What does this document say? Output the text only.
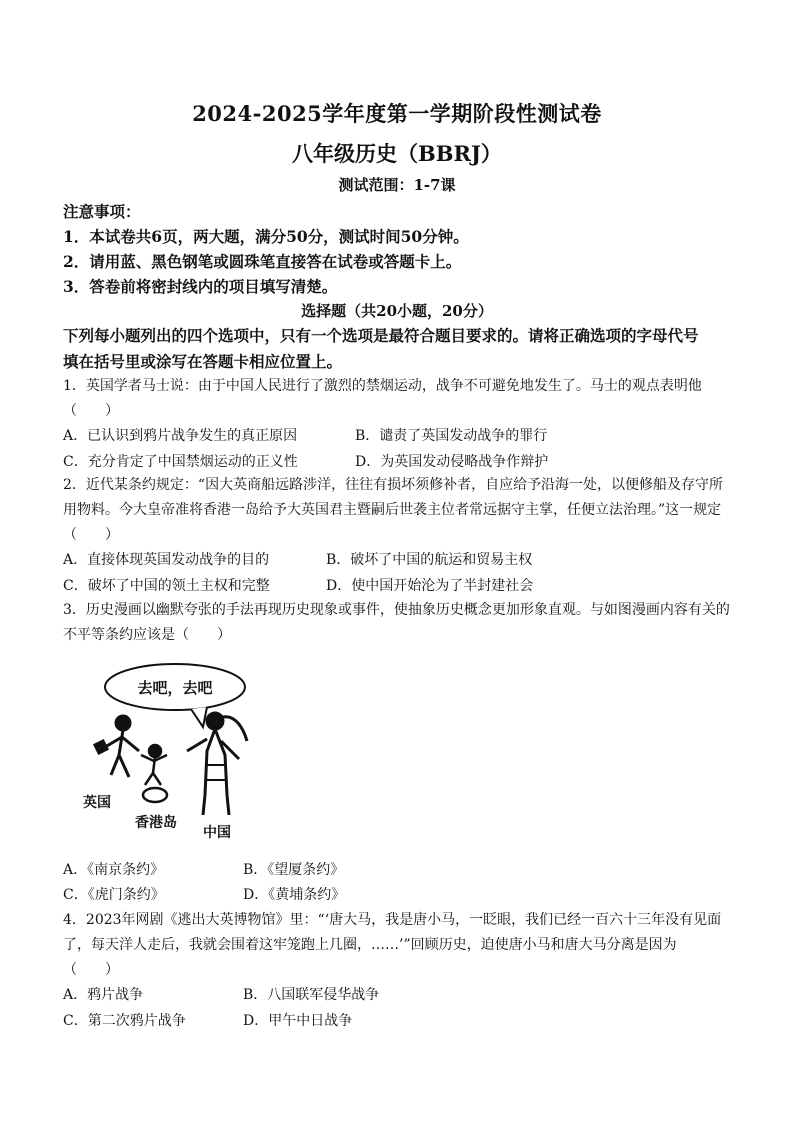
2024-2025学年度第一学期阶段性测试卷
八年级历史（BBRJ）
测试范围：1-7课
注意事项：
1．本试卷共6页，两大题，满分50分，测试时间50分钟。
2．请用蓝、黑色钢笔或圆珠笔直接答在试卷或答题卡上。
3．答卷前将密封线内的项目填写清楚。
选择题（共20小题，20分）
下列每小题列出的四个选项中，只有一个选项是最符合题目要求的。请将正确选项的字母代号
填在括号里或涂写在答题卡相应位置上。
1．英国学者马士说：由于中国人民进行了激烈的禁烟运动，战争不可避免地发生了。马士的观点表明他
（　　）
A．已认识到鸦片战争发生的真正原因	B．谴责了英国发动战争的罪行
C．充分肯定了中国禁烟运动的正义性	D．为英国发动侵略战争作辩护
2．近代某条约规定：“因大英商船远路涉洋，往往有损坏须修补者，自应给予沿海一处，以便修船及存守所
用物料。今大皇帝准将香港一岛给予大英国君主暨嗣后世袭主位者常远据守主掌，任便立法治理。”这一规定
（　　）
A．直接体现英国发动战争的目的	B．破坏了中国的航运和贸易主权
C．破坏了中国的领土主权和完整	D．使中国开始沦为了半封建社会
3．历史漫画以幽默夸张的手法再现历史现象或事件，使抽象历史概念更加形象直观。与如图漫画内容有关的
不平等条约应该是（　　）
去吧，去吧
英国
香港岛
中国
A．《南京条约》	B．《望厦条约》
C．《虎门条约》	D．《黄埔条约》
4．2023年网剧《逃出大英博物馆》里：“‘唐大马，我是唐小马，一眨眼，我们已经一百六十三年没有见面
了，每天洋人走后，我就会围着这牢笼跑上几圈，……’”回顾历史，迫使唐小马和唐大马分离是因为
（　　）
A．鸦片战争	B．八国联军侵华战争
C．第二次鸦片战争	D．甲午中日战争
